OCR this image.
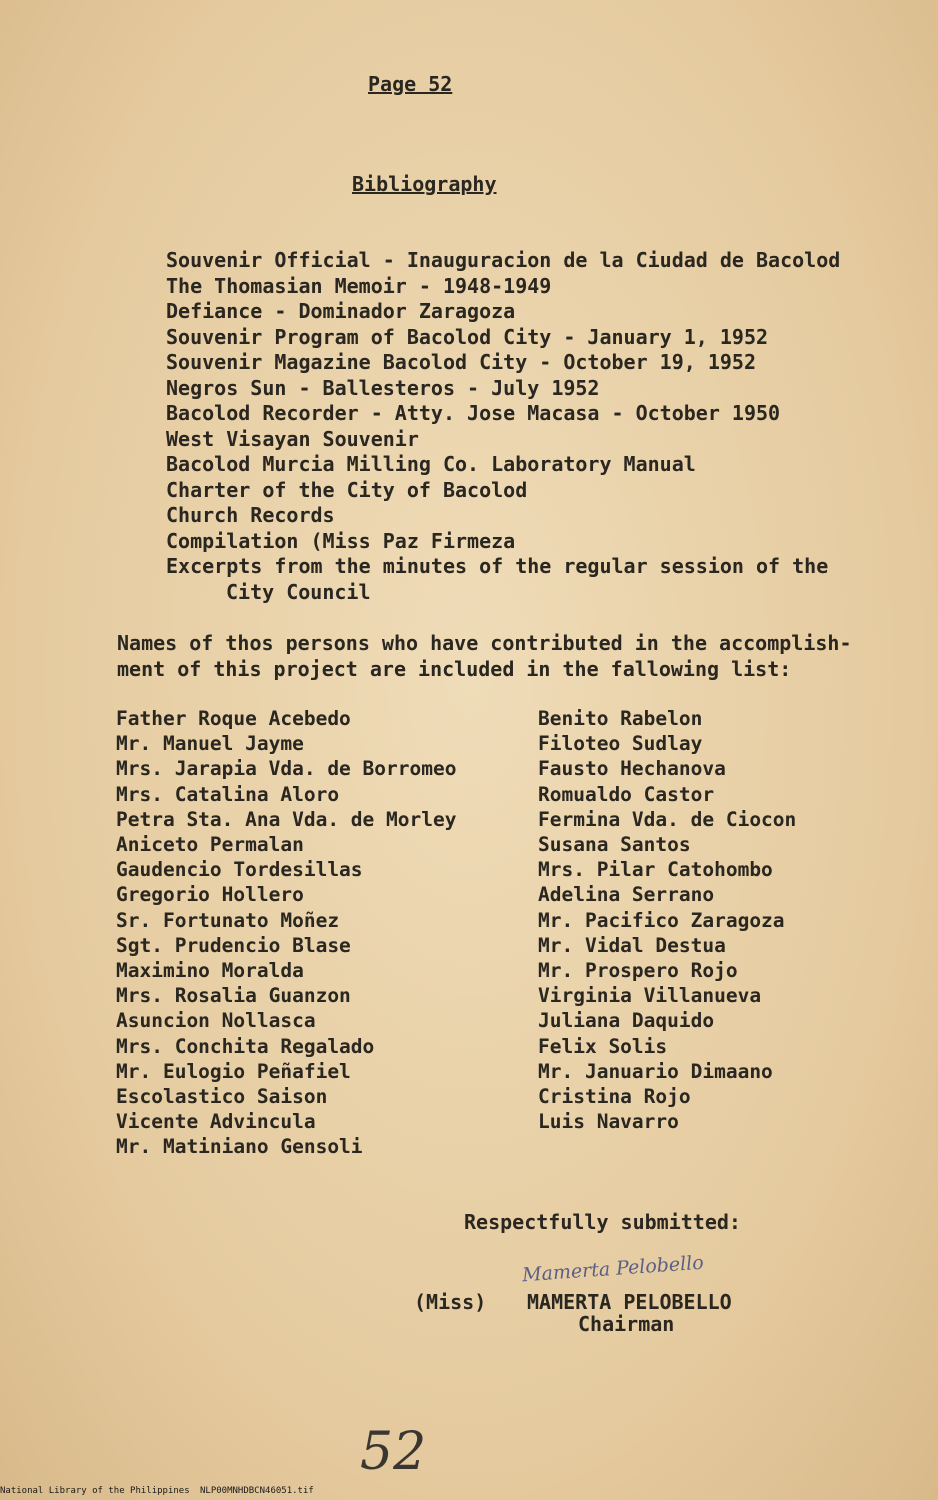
Page 52
Bibliography
Souvenir Official - Inauguracion de la Ciudad de Bacolod
The Thomasian Memoir - 1948-1949
Defiance - Dominador Zaragoza
Souvenir Program of Bacolod City - January 1, 1952
Souvenir Magazine Bacolod City - October 19, 1952
Negros Sun - Ballesteros - July 1952
Bacolod Recorder - Atty. Jose Macasa - October 1950
West Visayan Souvenir
Bacolod Murcia Milling Co. Laboratory Manual
Charter of the City of Bacolod
Church Records
Compilation (Miss Paz Firmeza
Excerpts from the minutes of the regular session of the
City Council
Names of thos persons who have contributed in the accomplish-
ment of this project are included in the fallowing list:
Father Roque Acebedo
Mr. Manuel Jayme
Mrs. Jarapia Vda. de Borromeo
Mrs. Catalina Aloro
Petra Sta. Ana Vda. de Morley
Aniceto Permalan
Gaudencio Tordesillas
Gregorio Hollero
Sr. Fortunato Moñez
Sgt. Prudencio Blase
Maximino Moralda
Mrs. Rosalia Guanzon
Asuncion Nollasca
Mrs. Conchita Regalado
Mr. Eulogio Peñafiel
Escolastico Saison
Vicente Advincula
Mr. Matiniano Gensoli
Benito Rabelon
Filoteo Sudlay
Fausto Hechanova
Romualdo Castor
Fermina Vda. de Ciocon
Susana Santos
Mrs. Pilar Catohombo
Adelina Serrano
Mr. Pacifico Zaragoza
Mr. Vidal Destua
Mr. Prospero Rojo
Virginia Villanueva
Juliana Daquido
Felix Solis
Mr. Januario Dimaano
Cristina Rojo
Luis Navarro
Respectfully submitted:
Mamerta Pelobello
(Miss) MAMERTA PELOBELLO
Chairman
52
National Library of the Philippines NLP00MNHDBCN46051.tif
